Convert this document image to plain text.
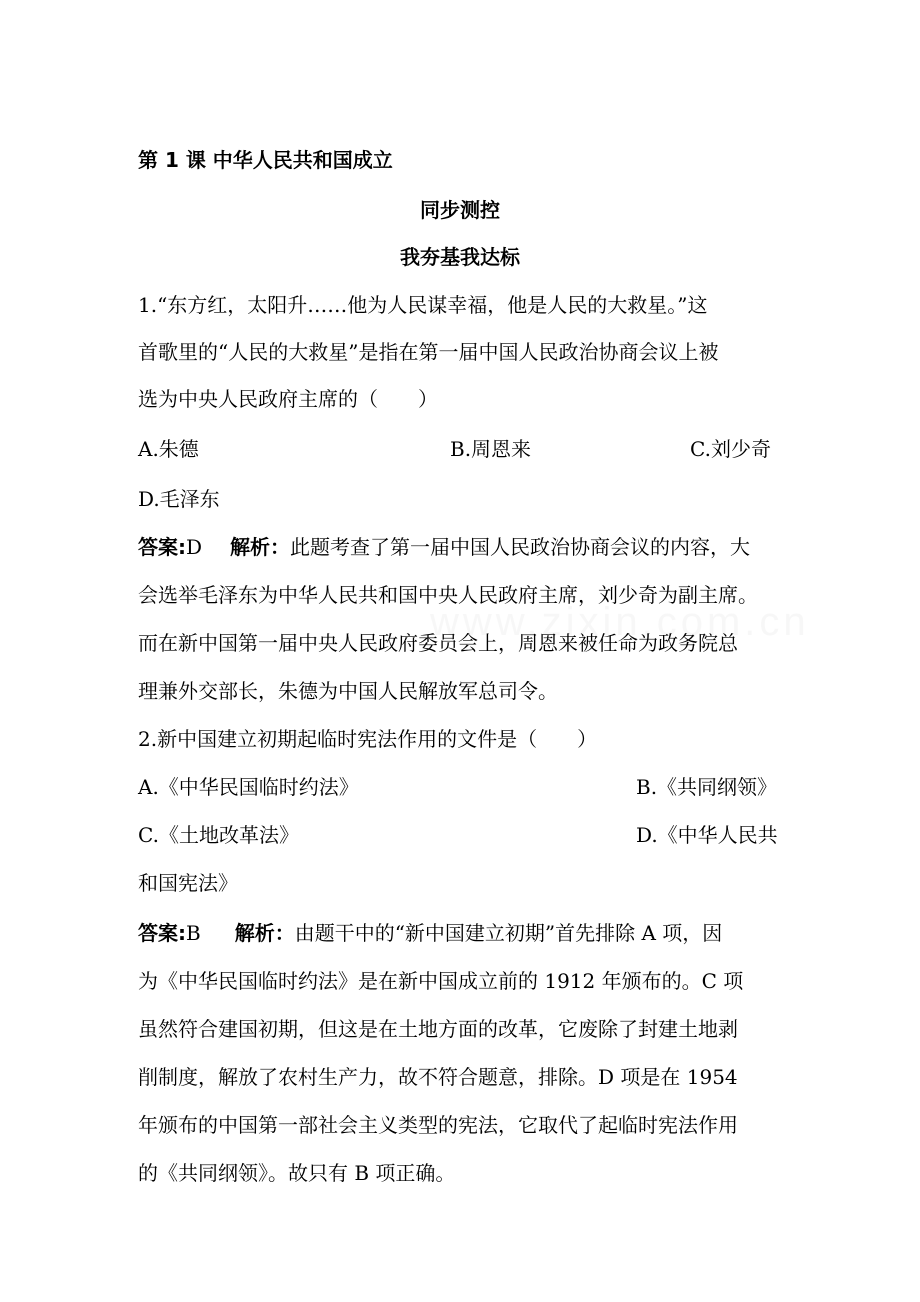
www.zixin.com.cn
第 1 课 中华人民共和国成立
同步测控
我夯基我达标
1.“东方红，太阳升……他为人民谋幸福，他是人民的大救星。”这
首歌里的“人民的大救星”是指在第一届中国人民政治协商会议上被
选为中央人民政府主席的（　　）
A.朱德	B.周恩来	C.刘少奇
D.毛泽东
答案:D 解析：此题考查了第一届中国人民政治协商会议的内容，大
会选举毛泽东为中华人民共和国中央人民政府主席，刘少奇为副主席。
而在新中国第一届中央人民政府委员会上，周恩来被任命为政务院总
理兼外交部长，朱德为中国人民解放军总司令。
2.新中国建立初期起临时宪法作用的文件是（　　）
A.《中华民国临时约法》	B.《共同纲领》
C.《土地改革法》	D.《中华人民共
和国宪法》
答案:B 解析：由题干中的“新中国建立初期”首先排除 A 项，因
为《中华民国临时约法》是在新中国成立前的 1912 年颁布的。C 项
虽然符合建国初期，但这是在土地方面的改革，它废除了封建土地剥
削制度，解放了农村生产力，故不符合题意，排除。D 项是在 1954
年颁布的中国第一部社会主义类型的宪法，它取代了起临时宪法作用
的《共同纲领》。故只有 B 项正确。
